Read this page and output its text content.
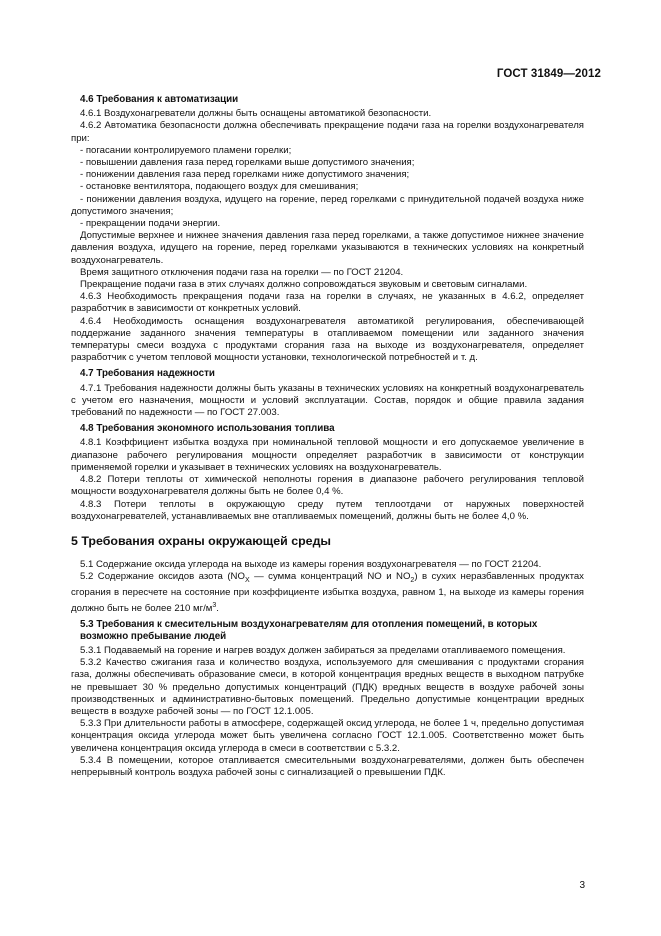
ГОСТ 31849—2012
4.6 Требования к автоматизации

4.6.1 Воздухонагреватели должны быть оснащены автоматикой безопасности.

4.6.2 Автоматика безопасности должна обеспечивать прекращение подачи газа на горелки воздухонагревателя при:

- погасании контролируемого пламени горелки;

- повышении давления газа перед горелками выше допустимого значения;

- понижении давления газа перед горелками ниже допустимого значения;

- остановке вентилятора, подающего воздух для смешивания;

- понижении давления воздуха, идущего на горение, перед горелками с принудительной подачей воздуха ниже допустимого значения;

- прекращении подачи энергии.

Допустимые верхнее и нижнее значения давления газа перед горелками, а также допустимое нижнее значение давления воздуха, идущего на горение, перед горелками указываются в технических условиях на конкретный воздухонагреватель.

Время защитного отключения подачи газа на горелки — по ГОСТ 21204.

Прекращение подачи газа в этих случаях должно сопровождаться звуковым и световым сигналами.

4.6.3 Необходимость прекращения подачи газа на горелки в случаях, не указанных в 4.6.2, определяет разработчик в зависимости от конкретных условий.

4.6.4 Необходимость оснащения воздухонагревателя автоматикой регулирования, обеспечивающей поддержание заданного значения температуры в отапливаемом помещении или заданного значения температуры смеси воздуха с продуктами сгорания газа на выходе из воздухонагревателя, определяет разработчик с учетом тепловой мощности установки, технологической потребностей и т. д.

4.7 Требования надежности

4.7.1 Требования надежности должны быть указаны в технических условиях на конкретный воздухонагреватель с учетом его назначения, мощности и условий эксплуатации. Состав, порядок и общие правила задания требований по надежности — по ГОСТ 27.003.

4.8 Требования экономного использования топлива

4.8.1 Коэффициент избытка воздуха при номинальной тепловой мощности и его допускаемое увеличение в диапазоне рабочего регулирования мощности определяет разработчик в зависимости от конструкции применяемой горелки и указывает в технических условиях на воздухонагреватель.

4.8.2 Потери теплоты от химической неполноты горения в диапазоне рабочего регулирования тепловой мощности воздухонагревателя должны быть не более 0,4 %.

4.8.3 Потери теплоты в окружающую среду путем теплоотдачи от наружных поверхностей воздухонагревателей, устанавливаемых вне отапливаемых помещений, должны быть не более 4,0 %.

5 Требования охраны окружающей среды

5.1 Содержание оксида углерода на выходе из камеры горения воздухонагревателя — по ГОСТ 21204.

5.2 Содержание оксидов азота ($NO_X$ — сумма концентраций NO и $NO_2$) в сухих неразбавленных продуктах сгорания в пересчете на состояние при коэффициенте избытка воздуха, равном 1, на выходе из камеры горения должно быть не более 210 $мг/м^3$.

5.3 Требования к смесительным воздухонагревателям для отопления помещений, в которых возможно пребывание людей

5.3.1 Подаваемый на горение и нагрев воздух должен забираться за пределами отапливаемого помещения.

5.3.2 Качество сжигания газа и количество воздуха, используемого для смешивания с продуктами сгорания газа, должны обеспечивать образование смеси, в которой концентрация вредных веществ в выходном патрубке не превышает 30 % предельно допустимых концентраций (ПДК) вредных веществ в воздухе рабочей зоны производственных и административно-бытовых помещений. Предельно допустимые концентрации вредных веществ в воздухе рабочей зоны — по ГОСТ 12.1.005.

5.3.3 При длительности работы в атмосфере, содержащей оксид углерода, не более 1 ч, предельно допустимая концентрация оксида углерода может быть увеличена согласно ГОСТ 12.1.005. Соответственно может быть увеличена концентрация оксида углерода в смеси в соответствии с 5.3.2.

5.3.4 В помещении, которое отапливается смесительными воздухонагревателями, должен быть обеспечен непрерывный контроль воздуха рабочей зоны с сигнализацией о превышении ПДК.

3
